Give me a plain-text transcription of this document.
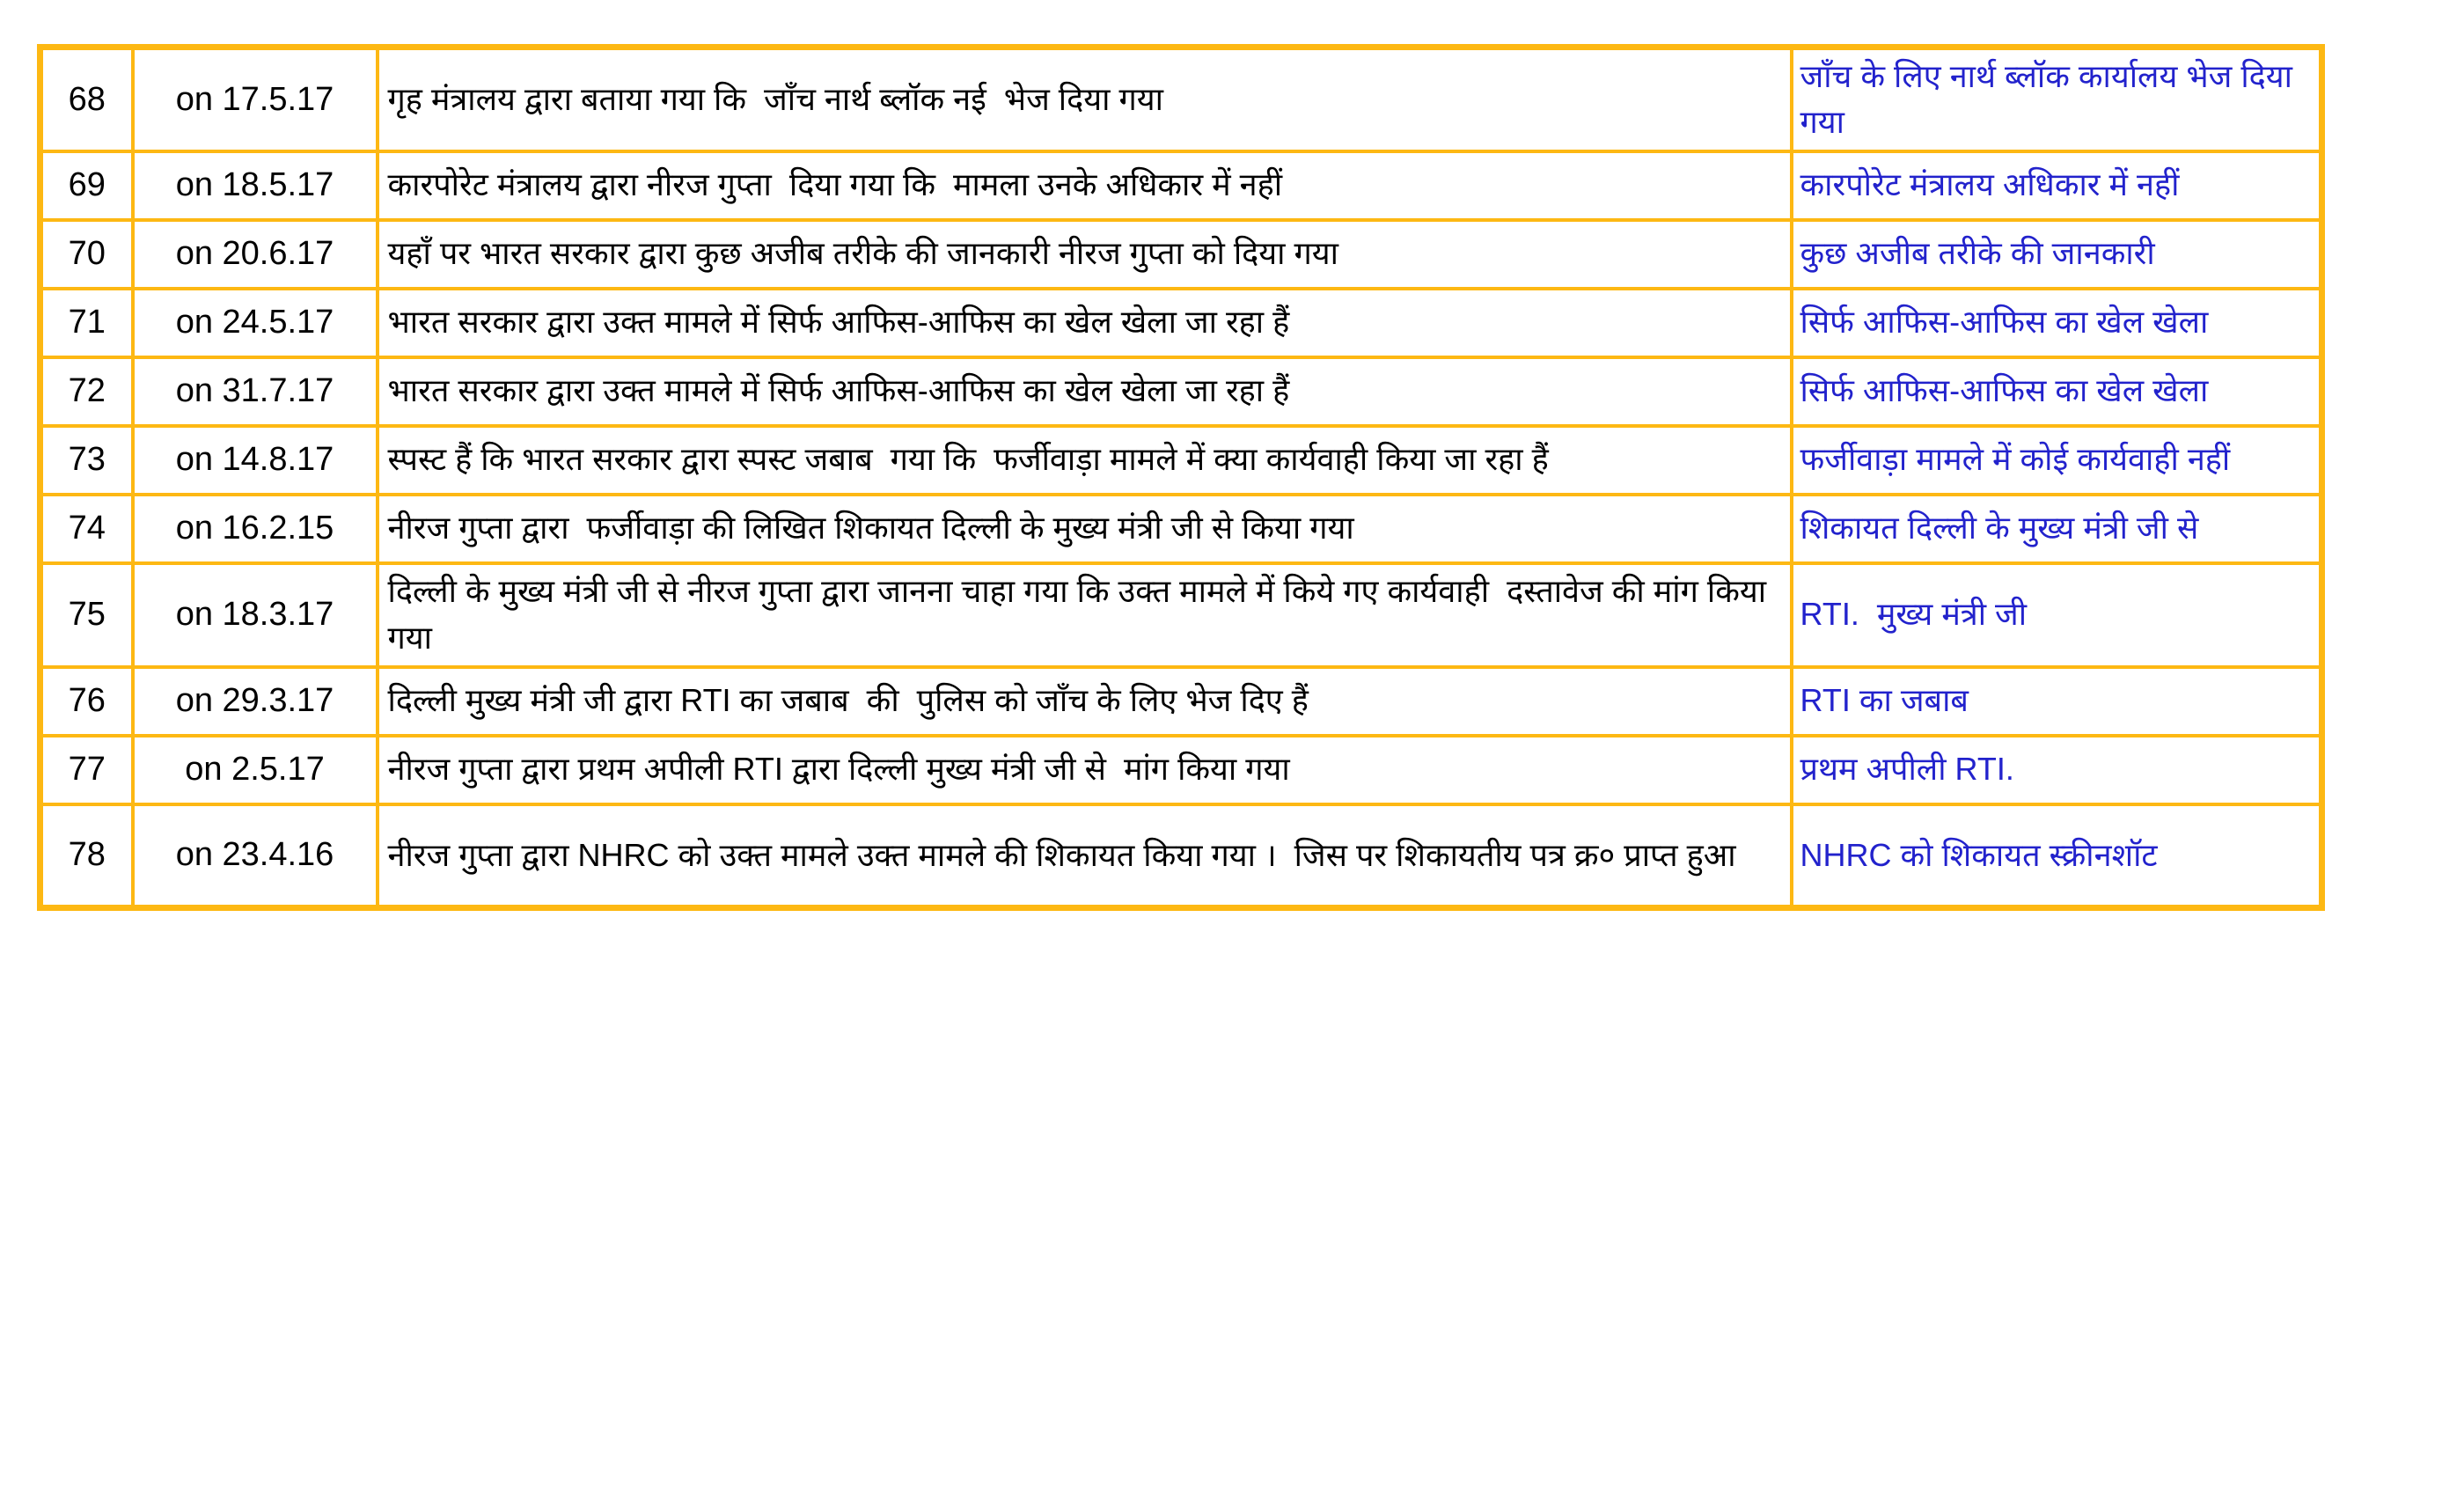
68	on 17.5.17	गृह मंत्रालय द्वारा बताया गया कि  जाँच नार्थ ब्लॉक नई  भेज दिया गया	जाँच के लिए नार्थ ब्लॉक कार्यालय भेज दिया गया
69	on 18.5.17	कारपोरेट मंत्रालय द्वारा नीरज गुप्ता  दिया गया कि  मामला उनके अधिकार में नहीं	कारपोरेट मंत्रालय अधिकार में नहीं
70	on 20.6.17	यहाँ पर भारत सरकार द्वारा कुछ अजीब तरीके की जानकारी नीरज गुप्ता को दिया गया	कुछ अजीब तरीके की जानकारी
71	on 24.5.17	भारत सरकार द्वारा उक्त मामले में सिर्फ आफिस-आफिस का खेल खेला जा रहा हैं	सिर्फ आफिस-आफिस का खेल खेला
72	on 31.7.17	भारत सरकार द्वारा उक्त मामले में सिर्फ आफिस-आफिस का खेल खेला जा रहा हैं	सिर्फ आफिस-आफिस का खेल खेला
73	on 14.8.17	स्पस्ट हैं कि भारत सरकार द्वारा स्पस्ट जबाब  गया कि  फर्जीवाड़ा मामले में क्या कार्यवाही किया जा रहा हैं	फर्जीवाड़ा मामले में कोई कार्यवाही नहीं
74	on 16.2.15	नीरज गुप्ता द्वारा  फर्जीवाड़ा की लिखित शिकायत दिल्ली के मुख्य मंत्री जी से किया गया	शिकायत दिल्ली के मुख्य मंत्री जी से
75	on 18.3.17	दिल्ली के मुख्य मंत्री जी से नीरज गुप्ता द्वारा जानना चाहा गया कि उक्त मामले में किये गए कार्यवाही  दस्तावेज की मांग किया गया	RTI.  मुख्य मंत्री जी
76	on 29.3.17	दिल्ली मुख्य मंत्री जी द्वारा RTI का जबाब  की  पुलिस को जाँच के लिए भेज दिए हैं	RTI का जबाब
77	on 2.5.17	नीरज गुप्ता द्वारा प्रथम अपीली RTI द्वारा दिल्ली मुख्य मंत्री जी से  मांग किया गया	प्रथम अपीली RTI.
78	on 23.4.16	नीरज गुप्ता द्वारा NHRC को उक्त मामले उक्त मामले की शिकायत किया गया ।  जिस पर शिकायतीय पत्र क्र० प्राप्त हुआ	NHRC को शिकायत स्क्रीनशॉट
